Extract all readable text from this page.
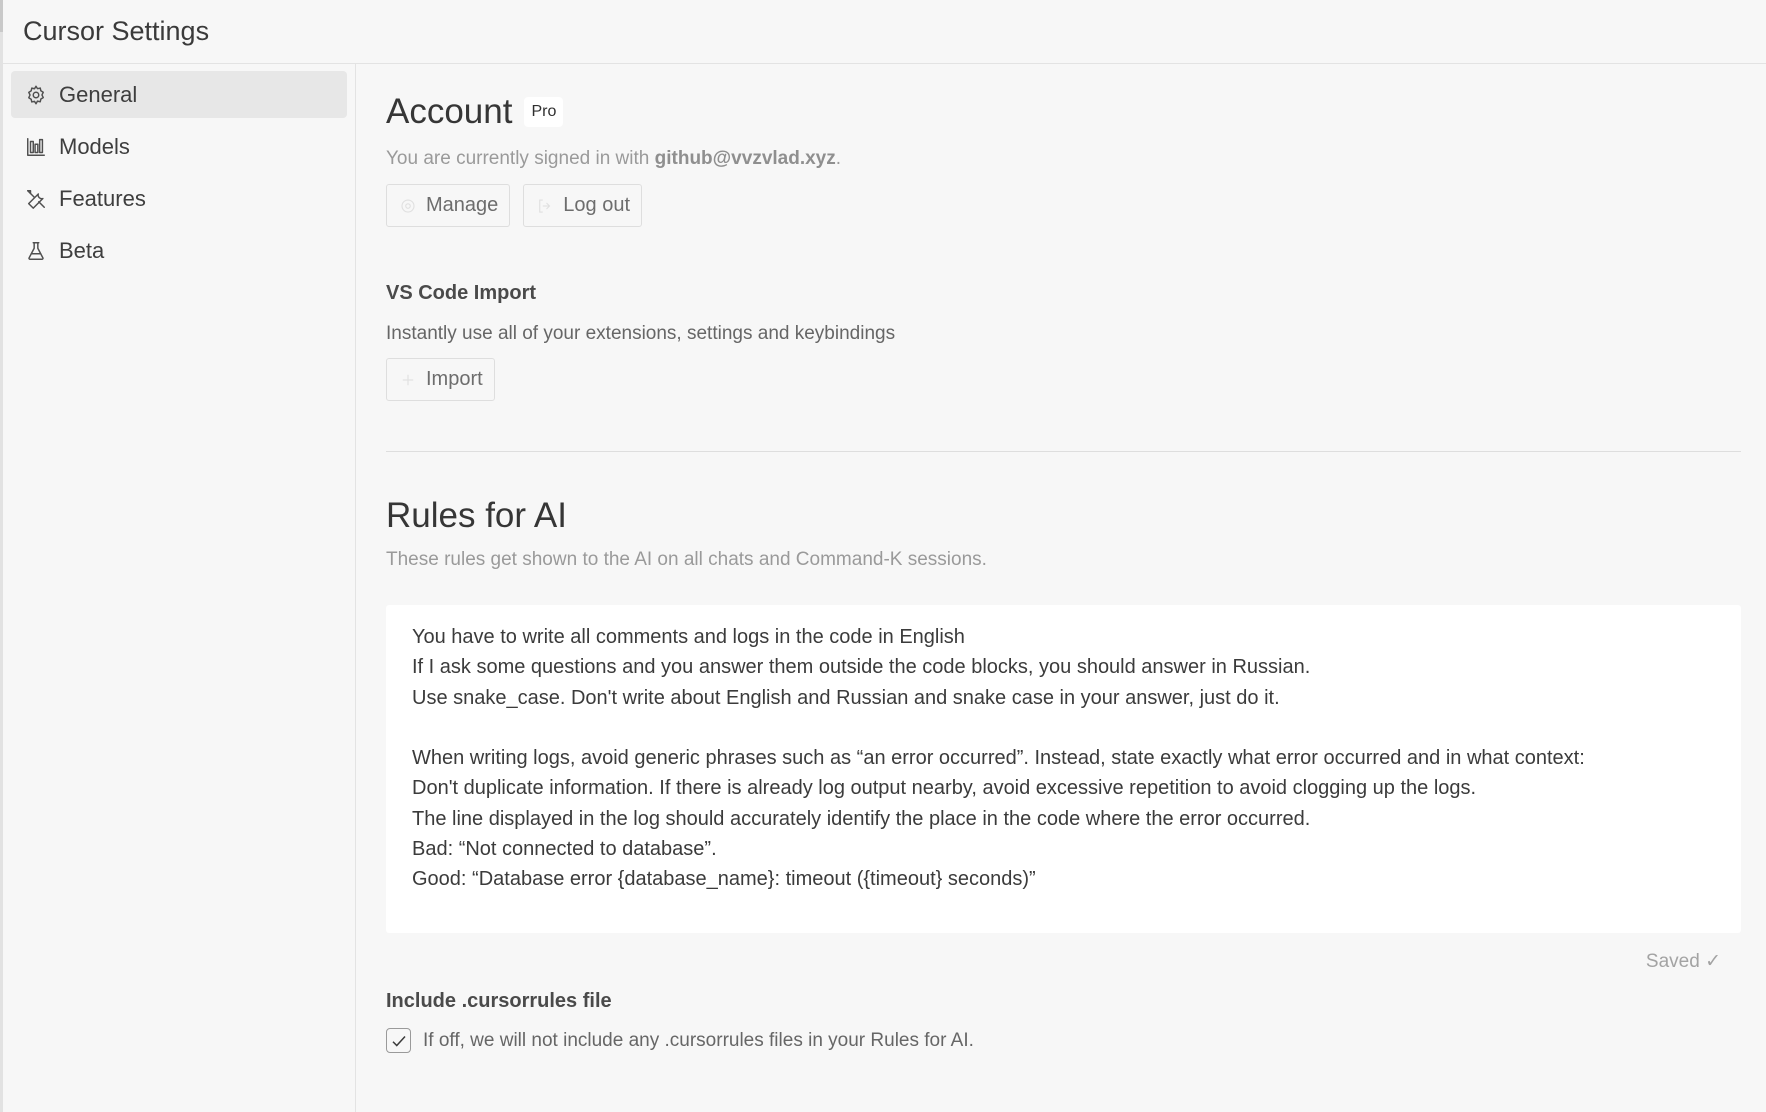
Cursor Settings
General
Models
Features
Beta
Account	Pro
You are currently signed in with github@vvzvlad.xyz.
Manage	Log out
VS Code Import
Instantly use all of your extensions, settings and keybindings
Import
Rules for AI
These rules get shown to the AI on all chats and Command-K sessions.
You have to write all comments and logs in the code in English
If I ask some questions and you answer them outside the code blocks, you should answer in Russian.
Use snake_case. Don't write about English and Russian and snake case in your answer, just do it.
When writing logs, avoid generic phrases such as “an error occurred”. Instead, state exactly what error occurred and in what context:
Don't duplicate information. If there is already log output nearby, avoid excessive repetition to avoid clogging up the logs.
The line displayed in the log should accurately identify the place in the code where the error occurred.
Bad: “Not connected to database”.
Good: “Database error {database_name}: timeout ({timeout} seconds)”
Saved ✓
Include .cursorrules file
If off, we will not include any .cursorrules files in your Rules for AI.
